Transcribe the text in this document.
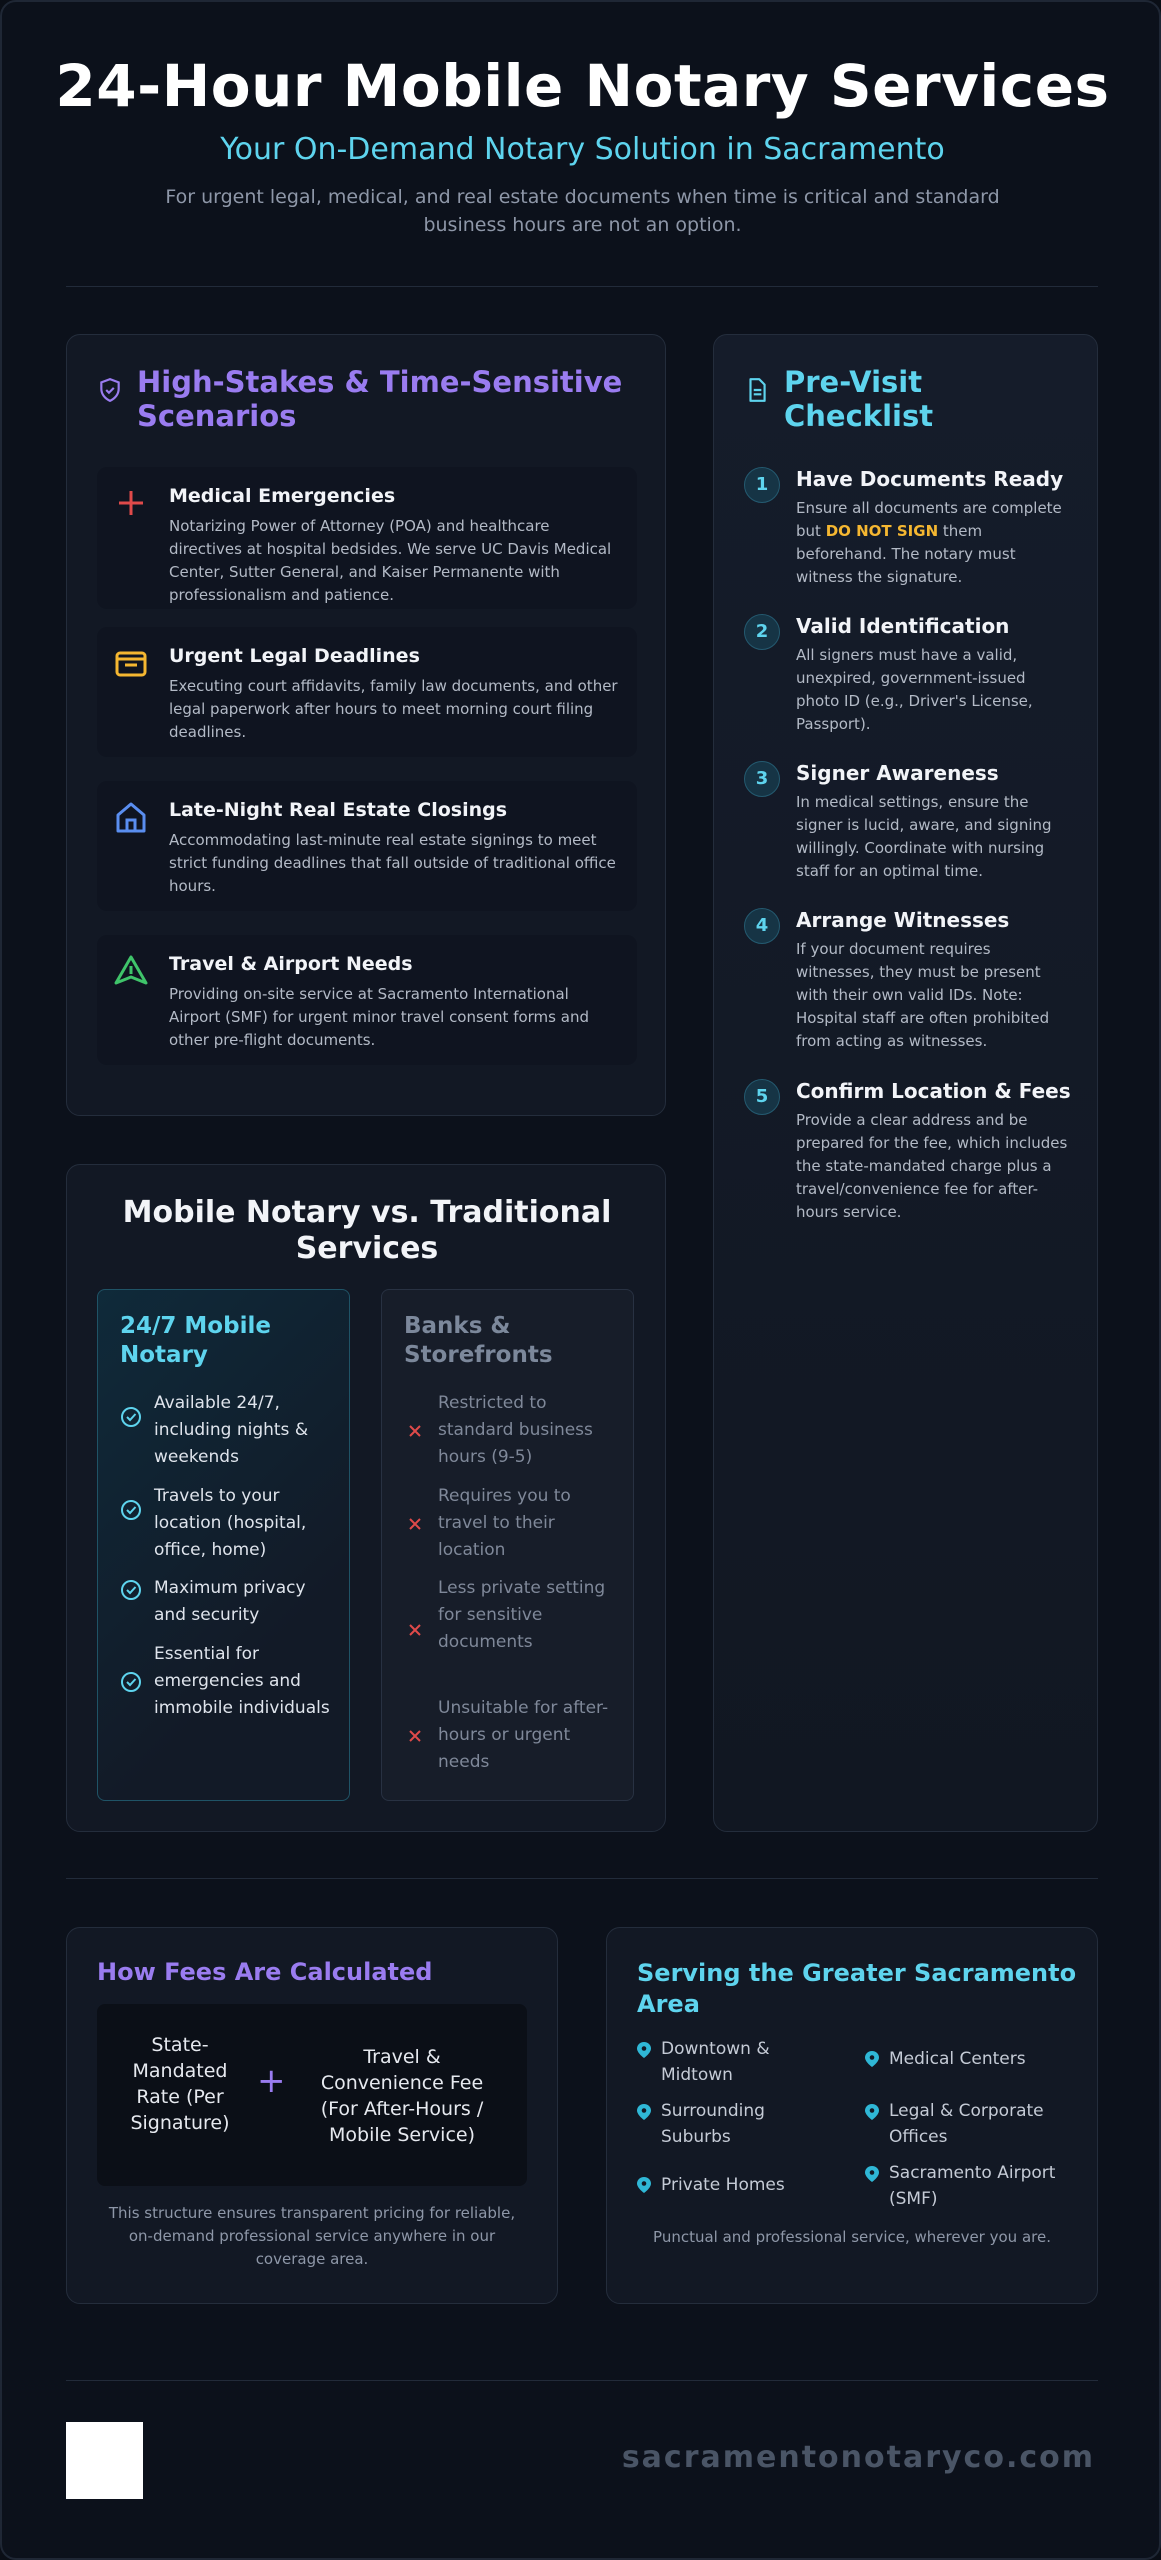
24-Hour Mobile Notary Services
Your On-Demand Notary Solution in Sacramento
For urgent legal, medical, and real estate documents when time is critical and standard business hours are not an option.
High-Stakes & Time-Sensitive Scenarios
Medical Emergencies
Notarizing Power of Attorney (POA) and healthcare directives at hospital bedsides. We serve UC Davis Medical Center, Sutter General, and Kaiser Permanente with professionalism and patience.
Urgent Legal Deadlines
Executing court affidavits, family law documents, and other legal paperwork after hours to meet morning court filing deadlines.
Late-Night Real Estate Closings
Accommodating last-minute real estate signings to meet strict funding deadlines that fall outside of traditional office hours.
Travel & Airport Needs
Providing on-site service at Sacramento International Airport (SMF) for urgent minor travel consent forms and other pre-flight documents.
Pre-Visit Checklist
1	Have Documents Ready
Ensure all documents are complete but DO NOT SIGN them beforehand. The notary must witness the signature.
2	Valid Identification
All signers must have a valid, unexpired, government-issued photo ID (e.g., Driver's License, Passport).
3	Signer Awareness
In medical settings, ensure the signer is lucid, aware, and signing willingly. Coordinate with nursing staff for an optimal time.
4	Arrange Witnesses
If your document requires witnesses, they must be present with their own valid IDs. Note: Hospital staff are often prohibited from acting as witnesses.
5	Confirm Location & Fees
Provide a clear address and be prepared for the fee, which includes the state-mandated charge plus a travel/convenience fee for after-hours service.
Mobile Notary vs. Traditional Services
24/7 Mobile Notary
Available 24/7, including nights & weekends
Travels to your location (hospital, office, home)
Maximum privacy and security
Essential for emergencies and immobile individuals
Banks & Storefronts
Restricted to standard business hours (9-5)
Requires you to travel to their location
Less private setting for sensitive documents
Unsuitable for after-hours or urgent needs
How Fees Are Calculated
State-Mandated Rate (Per Signature)
+
Travel & Convenience Fee (For After-Hours / Mobile Service)
This structure ensures transparent pricing for reliable, on-demand professional service anywhere in our coverage area.
Serving the Greater Sacramento Area
Downtown & Midtown
Medical Centers
Surrounding Suburbs
Legal & Corporate Offices
Private Homes
Sacramento Airport (SMF)
Punctual and professional service, wherever you are.
sacramentonotaryco.com
